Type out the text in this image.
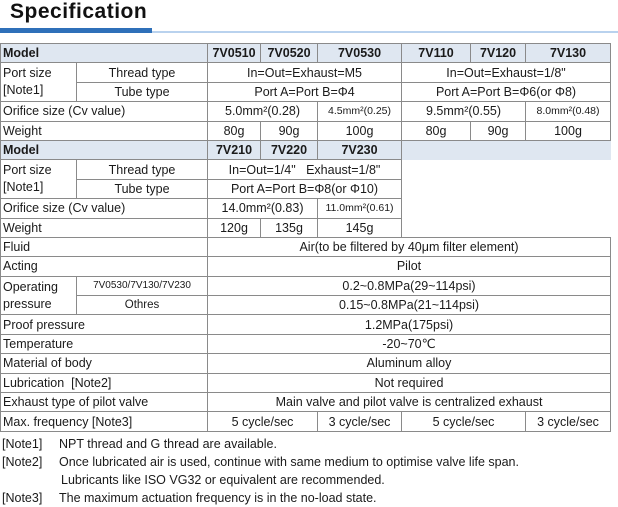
Specification
Model		7V0510	7V0520	7V0530	7V110	7V120	7V130
Port size
[Note1]	Thread type	In=Out=Exhaust=M5			In=Out=Exhaust=1/8"		
	Tube type	Port A=Port B=Φ4			Port A=Port B=Φ6(or Φ8)		
Orifice size (Cv value)		5.0mm²(0.28)		4.5mm²(0.25)	9.5mm²(0.55)		8.0mm²(0.48)
Weight		80g	90g	100g	80g	90g	100g
Model		7V210	7V220	7V230			
Port size
[Note1]	Thread type	In=Out=1/4"   Exhaust=1/8"					
	Tube type	Port A=Port B=Φ8(or Φ10)					
Orifice size (Cv value)		14.0mm²(0.83)		11.0mm²(0.61)			
Weight		120g	135g	145g			
Fluid		Air(to be filtered by 40μm filter element)					
Acting		Pilot					
Operating
pressure	7V0530/7V130/7V230	0.2~0.8MPa(29~114psi)					
	Othres	0.15~0.8MPa(21~114psi)					
Proof pressure		1.2MPa(175psi)					
Temperature		-20~70℃					
Material of body		Aluminum alloy					
Lubrication  [Note2]		Not required					
Exhaust type of pilot valve		Main valve and pilot valve is centralized exhaust					
Max. frequency [Note3]		5 cycle/sec		3 cycle/sec	5 cycle/sec		3 cycle/sec
[Note1] NPT thread and G thread are available.
[Note2] Once lubricated air is used, continue with same medium to optimise valve life span.
Lubricants like ISO VG32 or equivalent are recommended.
[Note3] The maximum actuation frequency is in the no-load state.
